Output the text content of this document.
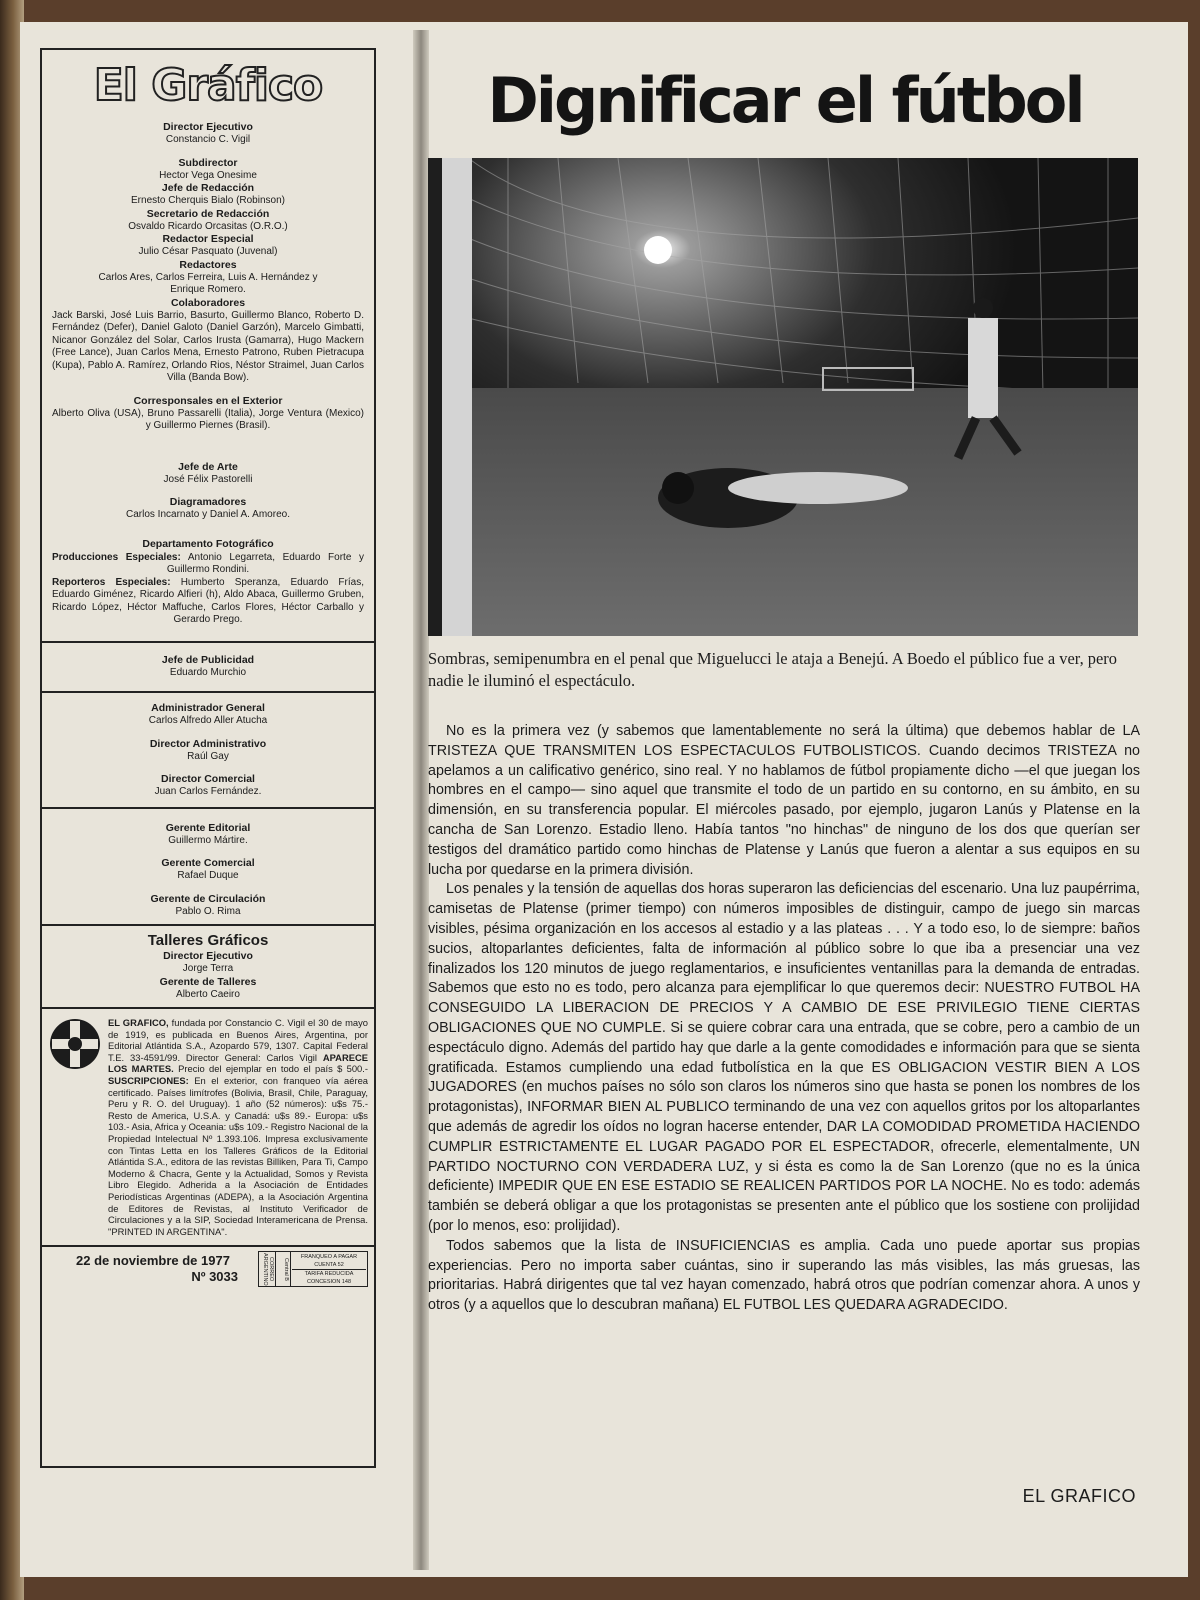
El Gráfico
Director Ejecutivo
Constancio C. Vigil
Subdirector
Hector Vega Onesime
Jefe de Redacción
Ernesto Cherquis Bialo (Robinson)
Secretario de Redacción
Osvaldo Ricardo Orcasitas (O.R.O.)
Redactor Especial
Julio César Pasquato (Juvenal)
Redactores
Carlos Ares, Carlos Ferreira, Luis A. Hernández y Enrique Romero.
Colaboradores
Jack Barski, José Luis Barrio, Basurto, Guillermo Blanco, Roberto D. Fernández (Defer), Daniel Galoto (Daniel Garzón), Marcelo Gimbatti, Nicanor González del Solar, Carlos Irusta (Gamarra), Hugo Mackern (Free Lance), Juan Carlos Mena, Ernesto Patrono, Ruben Pietracupa (Kupa), Pablo A. Ramírez, Orlando Rios, Néstor Straimel, Juan Carlos Villa (Banda Bow).
Corresponsales en el Exterior
Alberto Oliva (USA), Bruno Passarelli (Italia), Jorge Ventura (Mexico) y Guillermo Piernes (Brasil).
Jefe de Arte
José Félix Pastorelli
Diagramadores
Carlos Incarnato y Daniel A. Amoreo.
Departamento Fotográfico
Producciones Especiales: Antonio Legarreta, Eduardo Forte y Guillermo Rondini.
Reporteros Especiales: Humberto Speranza, Eduardo Frías, Eduardo Giménez, Ricardo Alfieri (h), Aldo Abaca, Guillermo Gruben, Ricardo López, Héctor Maffuche, Carlos Flores, Héctor Carballo y Gerardo Prego.
Jefe de Publicidad
Eduardo Murchio
Administrador General
Carlos Alfredo Aller Atucha
Director Administrativo
Raúl Gay
Director Comercial
Juan Carlos Fernández.
Gerente Editorial
Guillermo Mártire.
Gerente Comercial
Rafael Duque
Gerente de Circulación
Pablo O. Rima
Talleres Gráficos
Director Ejecutivo
Jorge Terra
Gerente de Talleres
Alberto Caeiro
EL GRAFICO, fundada por Constancio C. Vigil el 30 de mayo de 1919, es publicada en Buenos Aires, Argentina, por Editorial Atlántida S.A., Azopardo 579, 1307. Capital Federal T.E. 33-4591/99. Director General: Carlos Vigil APARECE LOS MARTES. Precio del ejemplar en todo el país $ 500.- SUSCRIPCIONES: En el exterior, con franqueo vía aérea certificado. Países limítrofes (Bolivia, Brasil, Chile, Paraguay, Peru y R. O. del Uruguay). 1 año (52 números): u$s 75.- Resto de America, U.S.A. y Canadá: u$s 89.- Europa: u$s 103.- Asia, Africa y Oceania: u$s 109.- Registro Nacional de la Propiedad Intelectual Nº 1.393.106. Impresa exclusivamente con Tintas Letta en los Talleres Gráficos de la Editorial Atlántida S.A., editora de las revistas Billiken, Para Ti, Campo Moderno & Chacra, Gente y la Actualidad, Somos y Revista Libro Elegido. Adherida a la Asociación de Entidades Periodísticas Argentinas (ADEPA), a la Asociación Argentina de Editores de Revistas, al Instituto Verificador de Circulaciones y a la SIP, Sociedad Interamericana de Prensa. "PRINTED IN ARGENTINA".
22 de noviembre de 1977
Nº 3033	CORREO ARGENTINO	Central B
FRANQUEO A PAGAR
CUENTA 52
TARIFA REDUCIDA
CONCESION 148
Dignificar el fútbol
Sombras, semipenumbra en el penal que Miguelucci le ataja a Benejú. A Boedo el público fue a ver, pero nadie le iluminó el espectáculo.

No es la primera vez (y sabemos que lamentablemente no será la última) que debemos hablar de LA TRISTEZA QUE TRANSMITEN LOS ESPECTACULOS FUTBOLISTICOS. Cuando decimos TRISTEZA no apelamos a un calificativo genérico, sino real. Y no hablamos de fútbol propiamente dicho —el que juegan los hombres en el campo— sino aquel que transmite el todo de un partido en su contorno, en su ámbito, en su dimensión, en su transferencia popular. El miércoles pasado, por ejemplo, jugaron Lanús y Platense en la cancha de San Lorenzo. Estadio lleno. Había tantos "no hinchas" de ninguno de los dos que querían ser testigos del dramático partido como hinchas de Platense y Lanús que fueron a alentar a sus equipos en su lucha por quedarse en la primera división.

Los penales y la tensión de aquellas dos horas superaron las deficiencias del escenario. Una luz paupérrima, camisetas de Platense (primer tiempo) con números imposibles de distinguir, campo de juego sin marcas visibles, pésima organización en los accesos al estadio y a las plateas . . . Y a todo eso, lo de siempre: baños sucios, altoparlantes deficientes, falta de información al público sobre lo que iba a presenciar una vez finalizados los 120 minutos de juego reglamentarios, e insuficientes ventanillas para la demanda de entradas. Sabemos que esto no es todo, pero alcanza para ejemplificar lo que queremos decir: NUESTRO FUTBOL HA CONSEGUIDO LA LIBERACION DE PRECIOS Y A CAMBIO DE ESE PRIVILEGIO TIENE CIERTAS OBLIGACIONES QUE NO CUMPLE. Si se quiere cobrar cara una entrada, que se cobre, pero a cambio de un espectáculo digno. Además del partido hay que darle a la gente comodidades e información para que se sienta gratificada. Estamos cumpliendo una edad futbolística en la que ES OBLIGACION VESTIR BIEN A LOS JUGADORES (en muchos países no sólo son claros los números sino que hasta se ponen los nombres de los protagonistas), INFORMAR BIEN AL PUBLICO terminando de una vez con aquellos gritos por los altoparlantes que además de agredir los oídos no logran hacerse entender, DAR LA COMODIDAD PROMETIDA HACIENDO CUMPLIR ESTRICTAMENTE EL LUGAR PAGADO POR EL ESPECTADOR, ofrecerle, elementalmente, UN PARTIDO NOCTURNO CON VERDADERA LUZ, y si ésta es como la de San Lorenzo (que no es la única deficiente) IMPEDIR QUE EN ESE ESTADIO SE REALICEN PARTIDOS POR LA NOCHE. No es todo: además también se deberá obligar a que los protagonistas se presenten ante el público que los sostiene con prolijidad (por lo menos, eso: prolijidad).

Todos sabemos que la lista de INSUFICIENCIAS es amplia. Cada uno puede aportar sus propias experiencias. Pero no importa saber cuántas, sino ir superando las más visibles, las más gruesas, las prioritarias. Habrá dirigentes que tal vez hayan comenzado, habrá otros que podrían comenzar ahora. A unos y otros (y a aquellos que lo descubran mañana) EL FUTBOL LES QUEDARA AGRADECIDO.

EL GRAFICO
